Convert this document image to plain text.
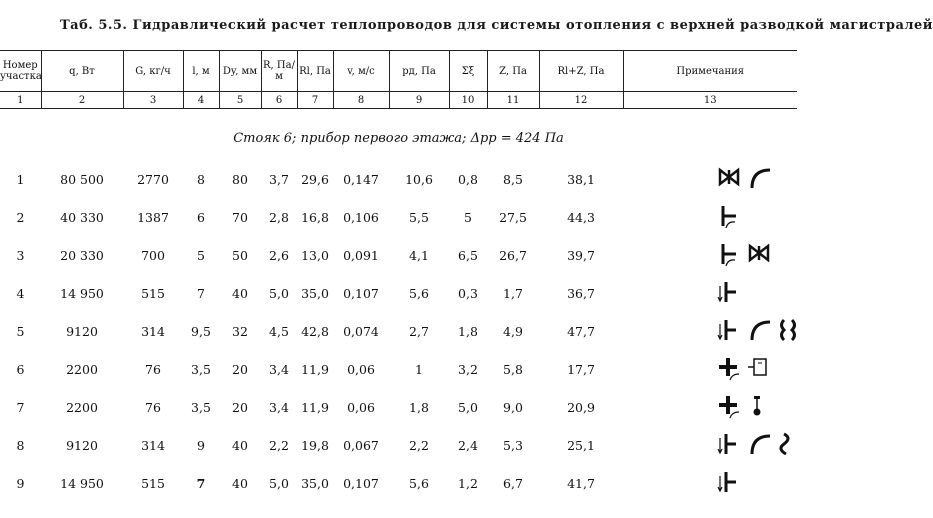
Таб. 5.5. Гидравлический расчет теплопроводов для системы отопления с верхней разводкой магистралей
Номер участка	q, Вт	G, кг/ч	l, м	Dy, мм	R, Па/м	Rl, Па	v, м/с	pд, Па	Σξ	Z, Па	Rl+Z, Па	Примечания
1	2	3	4	5	6	7	8	9	10	11	12	13
Стояк 6; прибор первого этажа; Δpр = 424 Па
1	80 500	2770	8	80	3,7	29,6	0,147	10,6	0,8	8,5	38,1	
2	40 330	1387	6	70	2,8	16,8	0,106	5,5	5	27,5	44,3	
3	20 330	700	5	50	2,6	13,0	0,091	4,1	6,5	26,7	39,7	
4	14 950	515	7	40	5,0	35,0	0,107	5,6	0,3	1,7	36,7	
5	9120	314	9,5	32	4,5	42,8	0,074	2,7	1,8	4,9	47,7	
6	2200	76	3,5	20	3,4	11,9	0,06	1	3,2	5,8	17,7	
7	2200	76	3,5	20	3,4	11,9	0,06	1,8	5,0	9,0	20,9	
8	9120	314	9	40	2,2	19,8	0,067	2,2	2,4	5,3	25,1	
9	14 950	515	7	40	5,0	35,0	0,107	5,6	1,2	6,7	41,7	
